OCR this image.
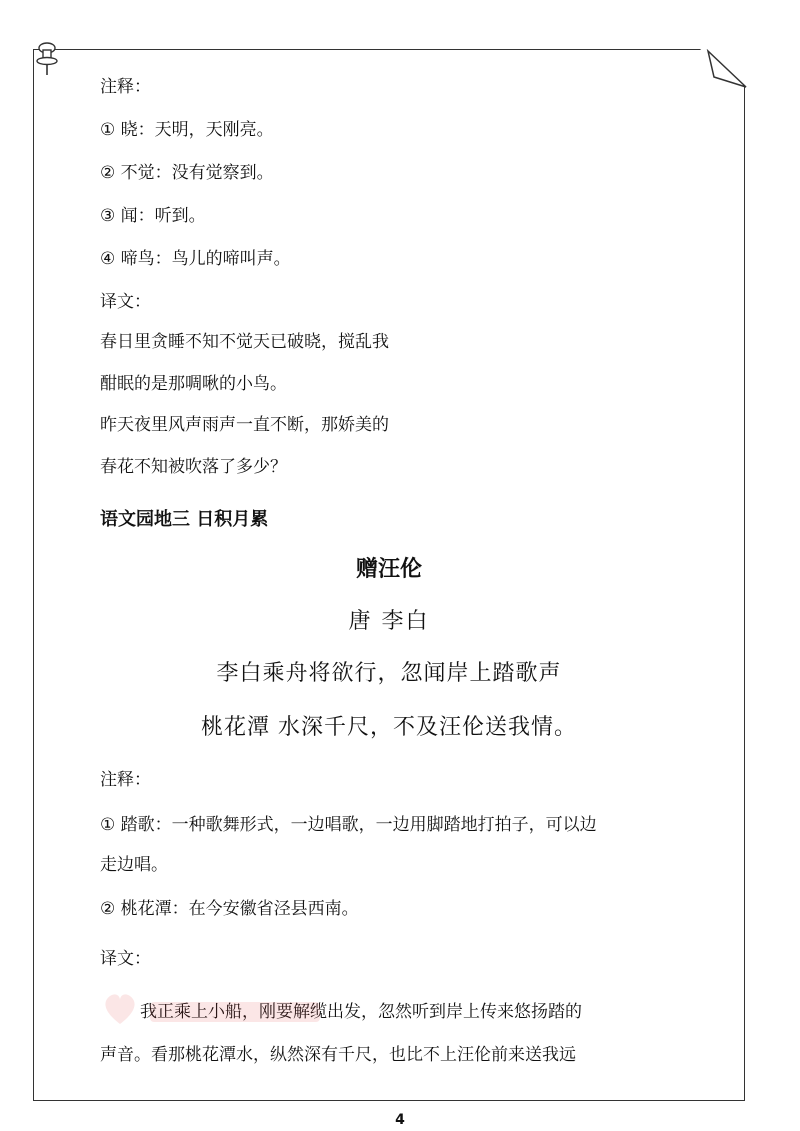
注释：
① 晓：天明，天刚亮。
② 不觉：没有觉察到。
③ 闻：听到。
④ 啼鸟：鸟儿的啼叫声。
译文：
春日里贪睡不知不觉天已破晓，搅乱我
酣眠的是那啁啾的小鸟。
昨天夜里风声雨声一直不断，那娇美的
春花不知被吹落了多少？
语文园地三 日积月累
赠汪伦
唐 李白
李白乘舟将欲行，忽闻岸上踏歌声
桃花潭 水深千尺，不及汪伦送我情。
注释：
① 踏歌：一种歌舞形式，一边唱歌，一边用脚踏地打拍子，可以边
走边唱。
② 桃花潭：在今安徽省泾县西南。
译文：
我正乘上小船，刚要解缆出发，忽然听到岸上传来悠扬踏的
声音。看那桃花潭水，纵然深有千尺，也比不上汪伦前来送我远
4
